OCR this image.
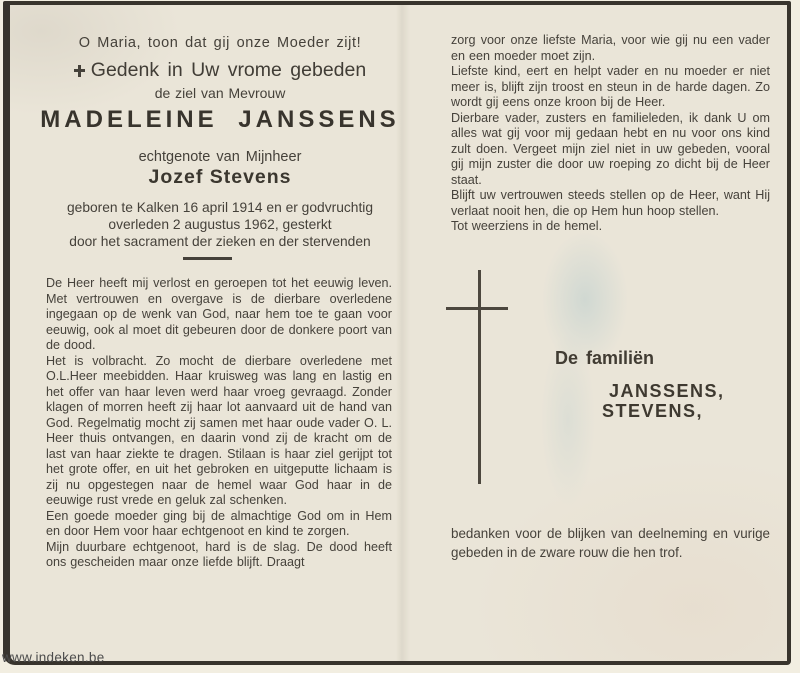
O Maria, toon dat gij onze Moeder zijt!
Gedenk in Uw vrome gebeden
de ziel van Mevrouw
MADELEINE JANSSENS
echtgenote van Mijnheer
Jozef Stevens
geboren te Kalken 16 april 1914 en er godvruchtig
overleden 2 augustus 1962, gesterkt
door het sacrament der zieken en der stervenden

De Heer heeft mij verlost en geroepen tot het eeuwig leven. Met vertrouwen en overgave is de dierbare overledene ingegaan op de wenk van God, naar hem toe te gaan voor eeuwig, ook al moet dit gebeuren door de donkere poort van de dood.

Het is volbracht. Zo mocht de dierbare overledene met O.L.Heer meebidden. Haar kruisweg was lang en lastig en het offer van haar leven werd haar vroeg gevraagd. Zonder klagen of morren heeft zij haar lot aanvaard uit de hand van God. Regelmatig mocht zij samen met haar oude vader O. L. Heer thuis ontvangen, en daarin vond zij de kracht om de last van haar ziekte te dragen. Stilaan is haar ziel gerijpt tot het grote offer, en uit het gebroken en uitgeputte lichaam is zij nu opgestegen naar de hemel waar God haar in de eeuwige rust vrede en geluk zal schenken.

Een goede moeder ging bij de almachtige God om in Hem en door Hem voor haar echtgenoot en kind te zorgen.

Mijn duurbare echtgenoot, hard is de slag. De dood heeft ons gescheiden maar onze liefde blijft. Draagt

zorg voor onze liefste Maria, voor wie gij nu een vader en een moeder moet zijn.

Liefste kind, eert en helpt vader en nu moeder er niet meer is, blijft zijn troost en steun in de harde dagen. Zo wordt gij eens onze kroon bij de Heer.

Dierbare vader, zusters en familieleden, ik dank U om alles wat gij voor mij gedaan hebt en nu voor ons kind zult doen. Vergeet mijn ziel niet in uw gebeden, vooral gij mijn zuster die door uw roeping zo dicht bij de Heer staat.

Blijft uw vertrouwen steeds stellen op de Heer, want Hij verlaat nooit hen, die op Hem hun hoop stellen.

Tot weerziens in de hemel.

De familiën
JANSSENS,
STEVENS,
bedanken voor de blijken van deelneming en vurige gebeden in de zware rouw die hen trof.
www.indeken.be
